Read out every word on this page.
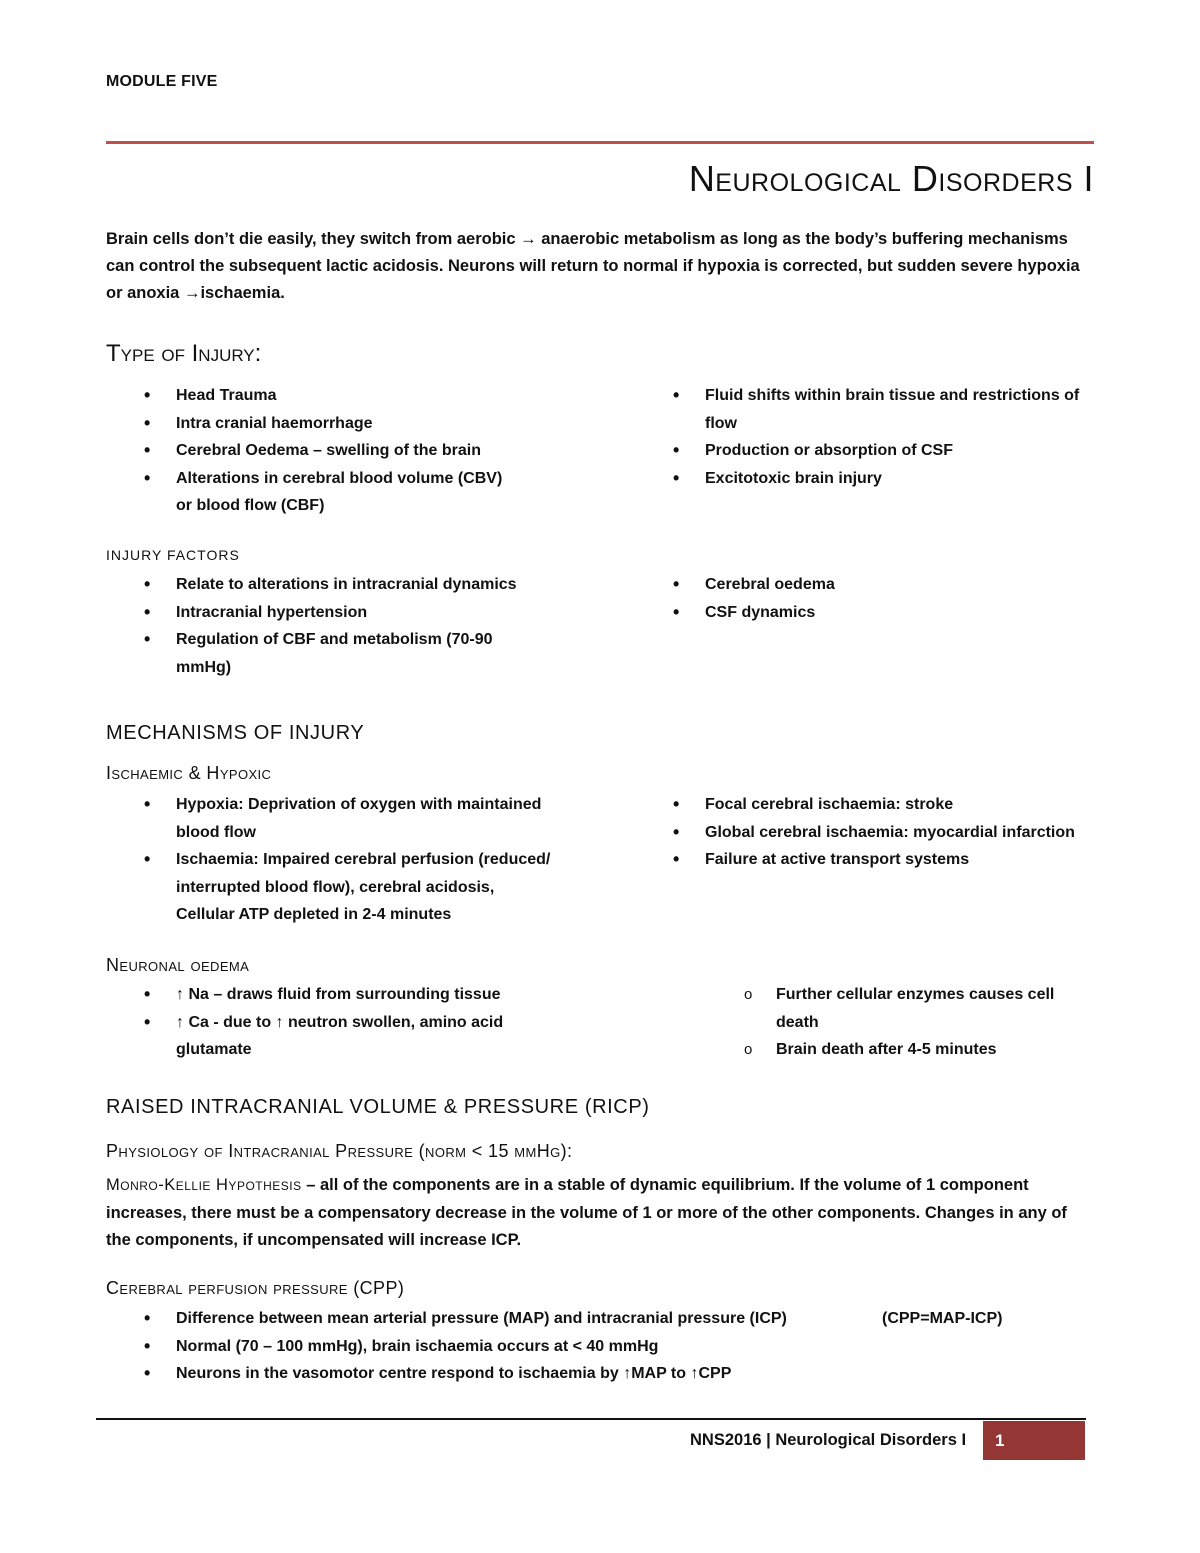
MODULE FIVE
Neurological Disorders I
Brain cells don’t die easily, they switch from aerobic → anaerobic metabolism as long as the body’s buffering mechanisms can control the subsequent lactic acidosis. Neurons will return to normal if hypoxia is corrected, but sudden severe hypoxia or anoxia →ischaemia.
Type of Injury:
• Head Trauma
• Intra cranial haemorrhage
• Cerebral Oedema – swelling of the brain
• Alterations in cerebral blood volume (CBV) or blood flow (CBF)
• Fluid shifts within brain tissue and restrictions of flow
• Production or absorption of CSF
• Excitotoxic brain injury
INJURY FACTORS
• Relate to alterations in intracranial dynamics
• Intracranial hypertension
• Regulation of CBF and metabolism (70-90 mmHg)
• Cerebral oedema
• CSF dynamics
MECHANISMS OF INJURY
Ischaemic & Hypoxic
• Hypoxia: Deprivation of oxygen with maintained blood flow
• Ischaemia: Impaired cerebral perfusion (reduced/ interrupted blood flow), cerebral acidosis, Cellular ATP depleted in 2-4 minutes
• Focal cerebral ischaemia: stroke
• Global cerebral ischaemia: myocardial infarction
• Failure at active transport systems
Neuronal oedema
• ↑ Na – draws fluid from surrounding tissue
• ↑ Ca - due to ↑ neutron swollen, amino acid glutamate
o Further cellular enzymes causes cell death
o Brain death after 4-5 minutes
RAISED INTRACRANIAL VOLUME & PRESSURE (RICP)
Physiology of Intracranial Pressure (norm < 15 mmHg):
Monro-Kellie Hypothesis – all of the components are in a stable of dynamic equilibrium. If the volume of 1 component increases, there must be a compensatory decrease in the volume of 1 or more of the other components. Changes in any of the components, if uncompensated will increase ICP.
Cerebral perfusion pressure (CPP)
• Difference between mean arterial pressure (MAP) and intracranial pressure (ICP)
• Normal (70 – 100 mmHg), brain ischaemia occurs at < 40 mmHg
• Neurons in the vasomotor centre respond to ischaemia by ↑MAP to ↑CPP
(CPP=MAP-ICP)
NNS2016 | Neurological Disorders I	1
